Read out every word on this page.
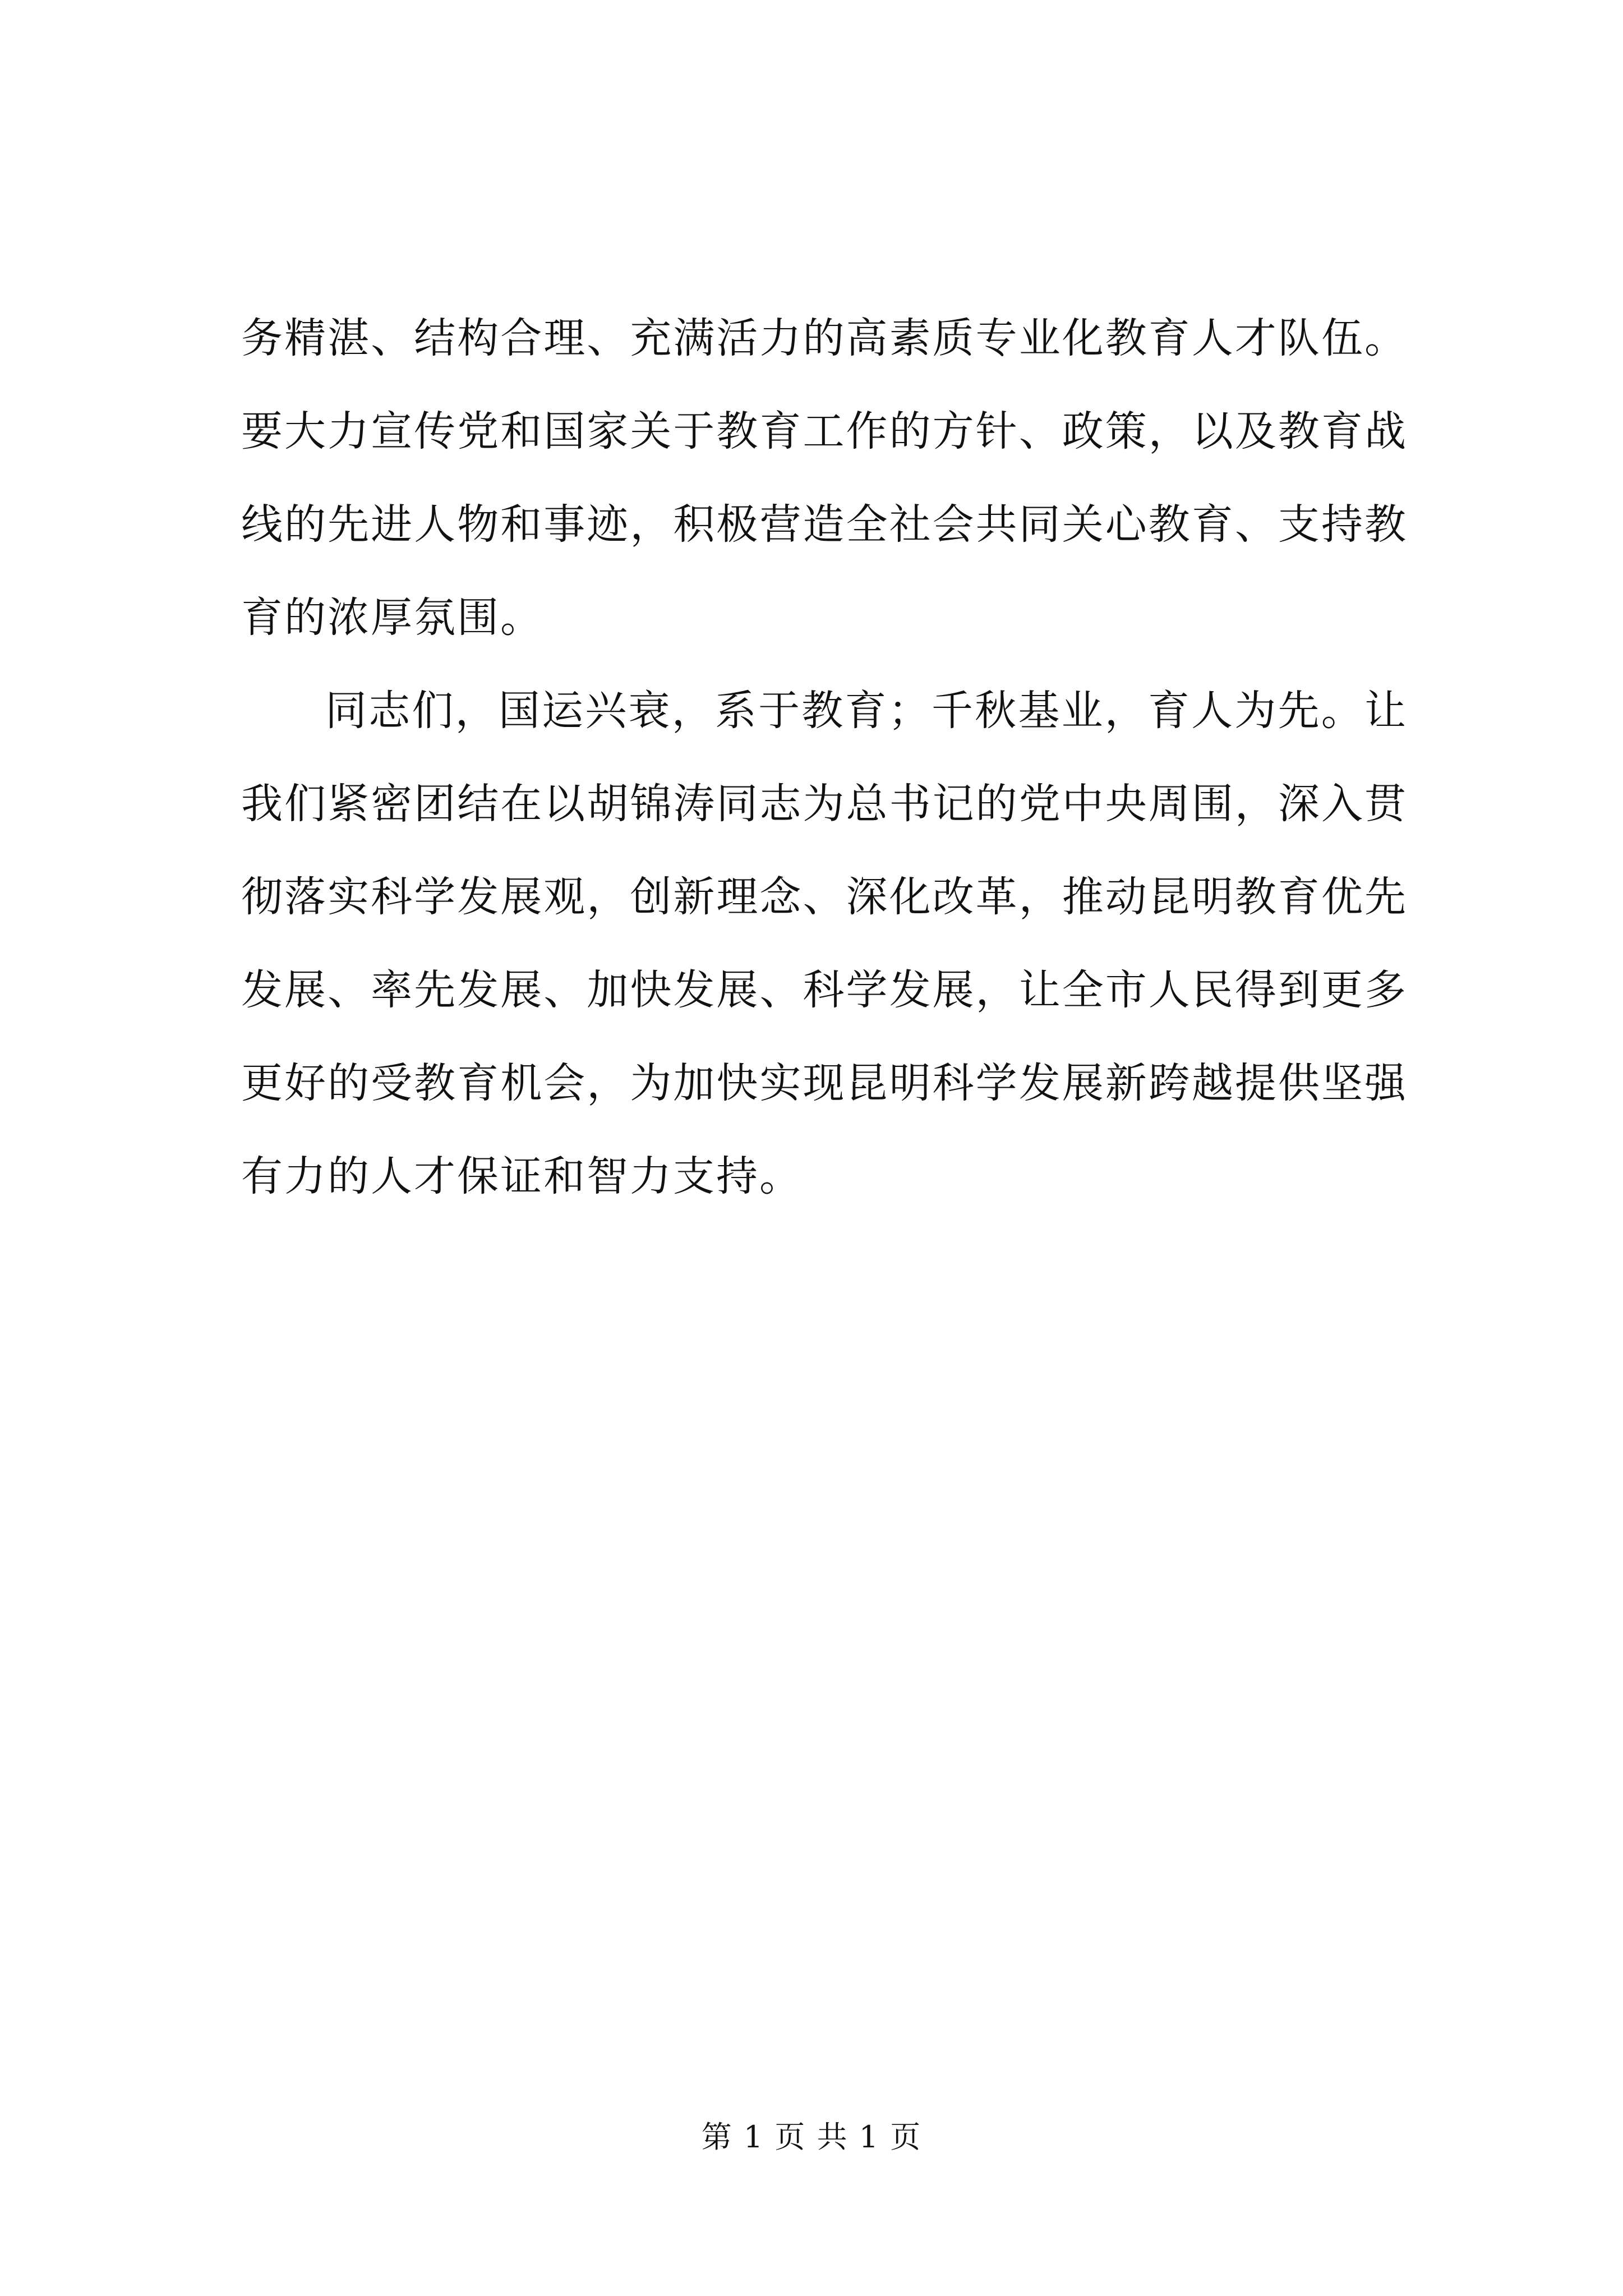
务精湛、结构合理、充满活力的高素质专业化教育人才队伍。要大力宣传党和国家关于教育工作的方针、政策，以及教育战线的先进人物和事迹，积极营造全社会共同关心教育、支持教育的浓厚氛围。

同志们，国运兴衰，系于教育；千秋基业，育人为先。让我们紧密团结在以胡锦涛同志为总书记的党中央周围，深入贯彻落实科学发展观，创新理念、深化改革，推动昆明教育优先发展、率先发展、加快发展、科学发展，让全市人民得到更多更好的受教育机会，为加快实现昆明科学发展新跨越提供坚强有力的人才保证和智力支持。

第 1 页 共 1 页
